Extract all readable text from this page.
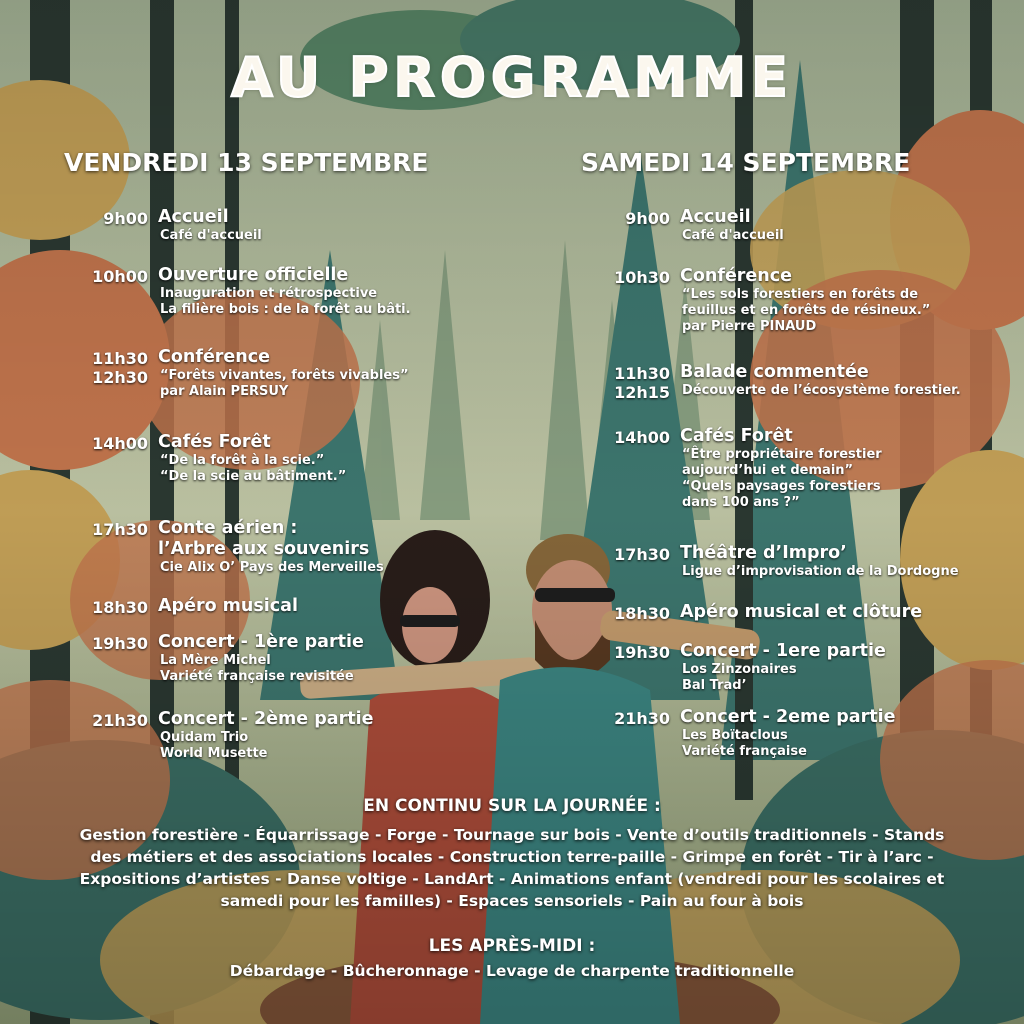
AU PROGRAMME
VENDREDI 13 SEPTEMBRE	SAMEDI 14 SEPTEMBRE
9h00 Accueil
Café d'accueil
10h00 Ouverture officielle
Inauguration et rétrospective
La filière bois : de la forêt au bâti.
11h30
12h30
Conférence
“Forêts vivantes, forêts vivables”
par Alain PERSUY
14h00 Cafés Forêt
“De la forêt à la scie.”
“De la scie au bâtiment.”
17h30 Conte aérien :
l’Arbre aux souvenirs
Cie Alix O’ Pays des Merveilles
18h30 Apéro musical
19h30 Concert - 1ère partie
La Mère Michel
Variété française revisitée
21h30 Concert - 2ème partie
Quidam Trio
World Musette
9h00 Accueil
Café d'accueil
10h30 Conférence
“Les sols forestiers en forêts de
feuillus et en forêts de résineux.”
par Pierre PINAUD
11h30
12h15
Balade commentée
Découverte de l’écosystème forestier.
14h00 Cafés Forêt
“Être propriétaire forestier
aujourd’hui et demain”
“Quels paysages forestiers
dans 100 ans ?”
17h30 Théâtre d’Impro’
Ligue d’improvisation de la Dordogne
18h30 Apéro musical et clôture
19h30 Concert - 1ere partie
Los Zinzonaires
Bal Trad’
21h30 Concert - 2eme partie
Les Boïtaclous
Variété française
EN CONTINU SUR LA JOURNÉE :
Gestion forestière - Équarrissage - Forge - Tournage sur bois - Vente d’outils traditionnels - Stands
des métiers et des associations locales - Construction terre-paille - Grimpe en forêt - Tir à l’arc -
Expositions d’artistes - Danse voltige - LandArt - Animations enfant (vendredi pour les scolaires et
samedi pour les familles) - Espaces sensoriels - Pain au four à bois
LES APRÈS-MIDI :
Débardage - Bûcheronnage - Levage de charpente traditionnelle
